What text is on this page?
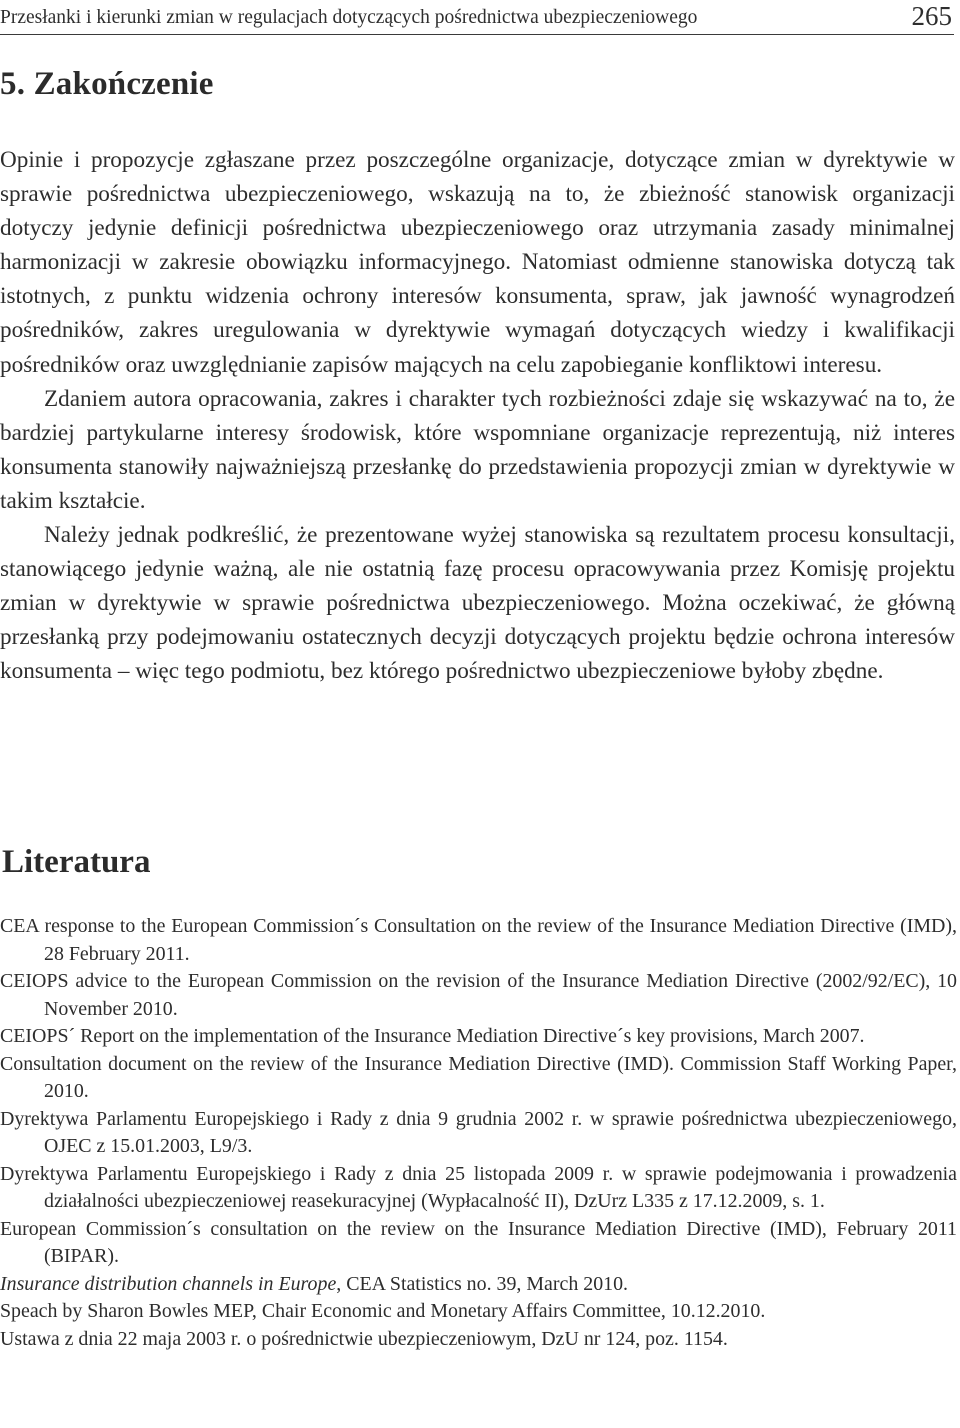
Przesłanki i kierunki zmian w regulacjach dotyczących pośrednictwa ubezpieczeniowego	265
5. Zakończenie

Opinie i propozycje zgłaszane przez poszczególne organizacje, dotyczące zmian w dyrektywie w sprawie pośrednictwa ubezpieczeniowego, wskazują na to, że zbieżność stanowisk organizacji dotyczy jedynie definicji pośrednictwa ubezpieczeniowego oraz utrzymania zasady minimalnej harmonizacji w zakresie obowiązku informacyjnego. Natomiast odmienne stanowiska dotyczą tak istotnych, z punktu widzenia ochrony interesów konsumenta, spraw, jak jawność wynagrodzeń pośredników, zakres uregulowania w dyrektywie wymagań dotyczących wiedzy i kwalifikacji pośredników oraz uwzględnianie zapisów mających na celu zapobieganie konfliktowi interesu.

Zdaniem autora opracowania, zakres i charakter tych rozbieżności zdaje się wskazywać na to, że bardziej partykularne interesy środowisk, które wspomniane organizacje reprezentują, niż interes konsumenta stanowiły najważniejszą przesłankę do przedstawienia propozycji zmian w dyrektywie w takim kształcie.

Należy jednak podkreślić, że prezentowane wyżej stanowiska są rezultatem procesu konsultacji, stanowiącego jedynie ważną, ale nie ostatnią fazę procesu opracowywania przez Komisję projektu zmian w dyrektywie w sprawie pośrednictwa ubezpieczeniowego. Można oczekiwać, że główną przesłanką przy podejmowaniu ostatecznych decyzji dotyczących projektu będzie ochrona interesów konsumenta – więc tego podmiotu, bez którego pośrednictwo ubezpieczeniowe byłoby zbędne.

Literatura
CEA response to the European Commission´s Consultation on the review of the Insurance Mediation Directive (IMD), 28 February 2011.
CEIOPS advice to the European Commission on the revision of the Insurance Mediation Directive (2002/92/EC), 10 November 2010.
CEIOPS´ Report on the implementation of the Insurance Mediation Directive´s key provisions, March 2007.
Consultation document on the review of the Insurance Mediation Directive (IMD). Commission Staff Working Paper, 2010.
Dyrektywa Parlamentu Europejskiego i Rady z dnia 9 grudnia 2002 r. w sprawie pośrednictwa ubezpieczeniowego, OJEC z 15.01.2003, L9/3.
Dyrektywa Parlamentu Europejskiego i Rady z dnia 25 listopada 2009 r. w sprawie podejmowania i prowadzenia działalności ubezpieczeniowej reasekuracyjnej (Wypłacalność II), DzUrz L335 z 17.12.2009, s. 1.
European Commission´s consultation on the review on the Insurance Mediation Directive (IMD), February 2011 (BIPAR).
Insurance distribution channels in Europe, CEA Statistics no. 39, March 2010.
Speach by Sharon Bowles MEP, Chair Economic and Monetary Affairs Committee, 10.12.2010.
Ustawa z dnia 22 maja 2003 r. o pośrednictwie ubezpieczeniowym, DzU nr 124, poz. 1154.
